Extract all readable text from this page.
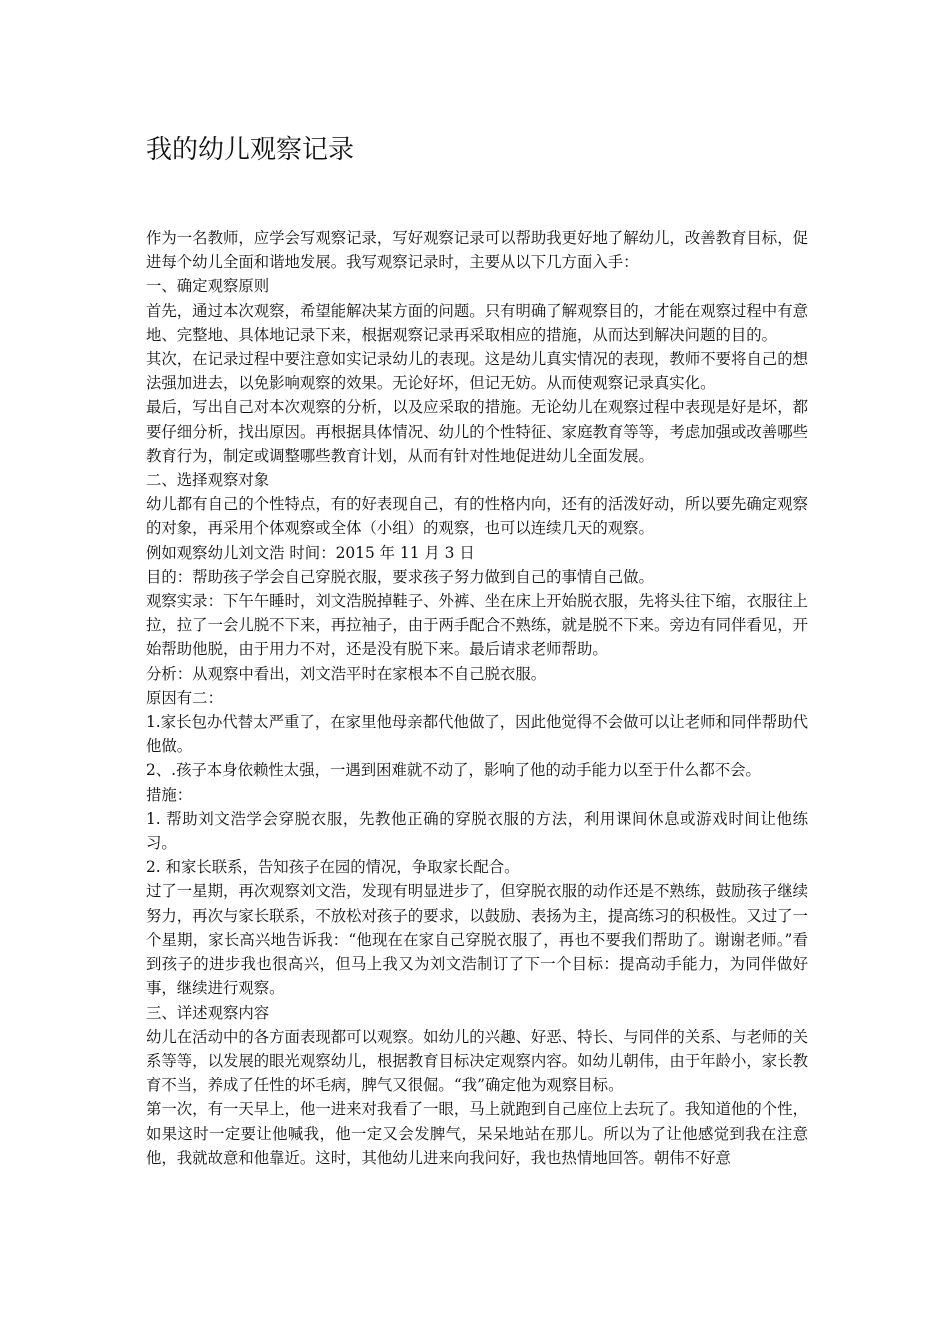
我的幼儿观察记录

作为一名教师，应学会写观察记录，写好观察记录可以帮助我更好地了解幼儿，改善教育目标，促进每个幼儿全面和谐地发展。我写观察记录时，主要从以下几方面入手：

一、确定观察原则

首先，通过本次观察，希望能解决某方面的问题。只有明确了解观察目的，才能在观察过程中有意地、完整地、具体地记录下来，根据观察记录再采取相应的措施，从而达到解决问题的目的。

其次，在记录过程中要注意如实记录幼儿的表现。这是幼儿真实情况的表现，教师不要将自己的想法强加进去，以免影响观察的效果。无论好坏，但记无妨。从而使观察记录真实化。

最后，写出自己对本次观察的分析，以及应采取的措施。无论幼儿在观察过程中表现是好是坏，都要仔细分析，找出原因。再根据具体情况、幼儿的个性特征、家庭教育等等，考虑加强或改善哪些教育行为，制定或调整哪些教育计划，从而有针对性地促进幼儿全面发展。

二、选择观察对象

幼儿都有自己的个性特点，有的好表现自己，有的性格内向，还有的活泼好动，所以要先确定观察的对象，再采用个体观察或全体（小组）的观察，也可以连续几天的观察。

例如观察幼儿刘文浩 时间：2015 年 11 月 3 日

目的：帮助孩子学会自己穿脱衣服，要求孩子努力做到自己的事情自己做。

观察实录：下午午睡时，刘文浩脱掉鞋子、外裤、坐在床上开始脱衣服，先将头往下缩，衣服往上拉，拉了一会儿脱不下来，再拉袖子，由于两手配合不熟练，就是脱不下来。旁边有同伴看见，开始帮助他脱，由于用力不对，还是没有脱下来。最后请求老师帮助。

分析：从观察中看出，刘文浩平时在家根本不自己脱衣服。

原因有二：

1.家长包办代替太严重了，在家里他母亲都代他做了，因此他觉得不会做可以让老师和同伴帮助代他做。

2、.孩子本身依赖性太强，一遇到困难就不动了，影响了他的动手能力以至于什么都不会。

措施：

1. 帮助刘文浩学会穿脱衣服，先教他正确的穿脱衣服的方法，利用课间休息或游戏时间让他练习。

2. 和家长联系，告知孩子在园的情况，争取家长配合。

过了一星期，再次观察刘文浩，发现有明显进步了，但穿脱衣服的动作还是不熟练，鼓励孩子继续努力，再次与家长联系，不放松对孩子的要求，以鼓励、表扬为主，提高练习的积极性。又过了一个星期，家长高兴地告诉我：“他现在在家自己穿脱衣服了，再也不要我们帮助了。谢谢老师。”看到孩子的进步我也很高兴，但马上我又为刘文浩制订了下一个目标：提高动手能力，为同伴做好事，继续进行观察。

三、详述观察内容

幼儿在活动中的各方面表现都可以观察。如幼儿的兴趣、好恶、特长、与同伴的关系、与老师的关系等等，以发展的眼光观察幼儿，根据教育目标决定观察内容。如幼儿朝伟，由于年龄小，家长教育不当，养成了任性的坏毛病，脾气又很倔。“我”确定他为观察目标。

第一次，有一天早上，他一进来对我看了一眼，马上就跑到自己座位上去玩了。我知道他的个性，如果这时一定要让他喊我，他一定又会发脾气，呆呆地站在那儿。所以为了让他感觉到我在注意他，我就故意和他靠近。这时，其他幼儿进来向我问好，我也热情地回答。朝伟不好意
